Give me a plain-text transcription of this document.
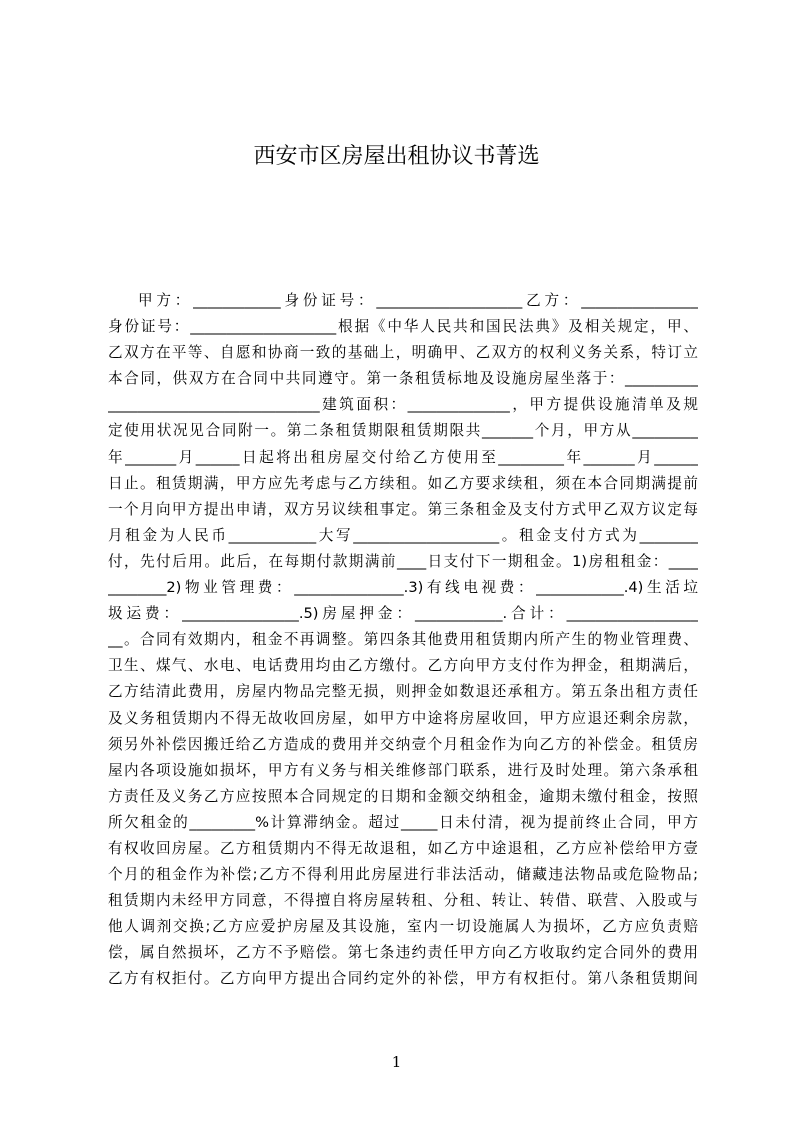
西安市区房屋出租协议书菁选
甲方：____________身份证号：____________________乙方：________________
身份证号：____________________根据《中华人民共和国民法典》及相关规定，甲、
乙双方在平等、自愿和协商一致的基础上，明确甲、乙双方的权利义务关系，特订立
本合同，供双方在合同中共同遵守。第一条租赁标地及设施房屋坐落于：__________
_____________________________建筑面积：______________，甲方提供设施清单及规
定使用状况见合同附一。第二条租赁期限租赁期限共_______个月，甲方从_________
年_______月______日起将出租房屋交付给乙方使用至_________年_______月______
日止。租赁期满，甲方应先考虑与乙方续租。如乙方要求续租，须在本合同期满提前
一个月向甲方提出申请，双方另议续租事定。第三条租金及支付方式甲乙双方议定每
月租金为人民币____________大写____________________。租金支付方式为________
付，先付后用。此后，在每期付款期满前____日支付下一期租金。1)房租租金：____
________2)物业管理费：_______________.3)有线电视费：____________.4)生活垃
圾运费：________________.5)房屋押金：____________.合计：__________________
__。合同有效期内，租金不再调整。第四条其他费用租赁期内所产生的物业管理费、
卫生、煤气、水电、电话费用均由乙方缴付。乙方向甲方支付作为押金，租期满后，
乙方结清此费用，房屋内物品完整无损，则押金如数退还承租方。第五条出租方责任
及义务租赁期内不得无故收回房屋，如甲方中途将房屋收回，甲方应退还剩余房款，
须另外补偿因搬迁给乙方造成的费用并交纳壹个月租金作为向乙方的补偿金。租赁房
屋内各项设施如损坏，甲方有义务与相关维修部门联系，进行及时处理。第六条承租
方责任及义务乙方应按照本合同规定的日期和金额交纳租金，逾期未缴付租金，按照
所欠租金的_________%计算滞纳金。超过_____日未付清，视为提前终止合同，甲方
有权收回房屋。乙方租赁期内不得无故退租，如乙方中途退租，乙方应补偿给甲方壹
个月的租金作为补偿;乙方不得利用此房屋进行非法活动，储藏违法物品或危险物品;
租赁期内未经甲方同意，不得擅自将房屋转租、分租、转让、转借、联营、入股或与
他人调剂交换;乙方应爱护房屋及其设施，室内一切设施属人为损坏，乙方应负责赔
偿，属自然损坏，乙方不予赔偿。第七条违约责任甲方向乙方收取约定合同外的费用
乙方有权拒付。乙方向甲方提出合同约定外的补偿，甲方有权拒付。第八条租赁期间
1
